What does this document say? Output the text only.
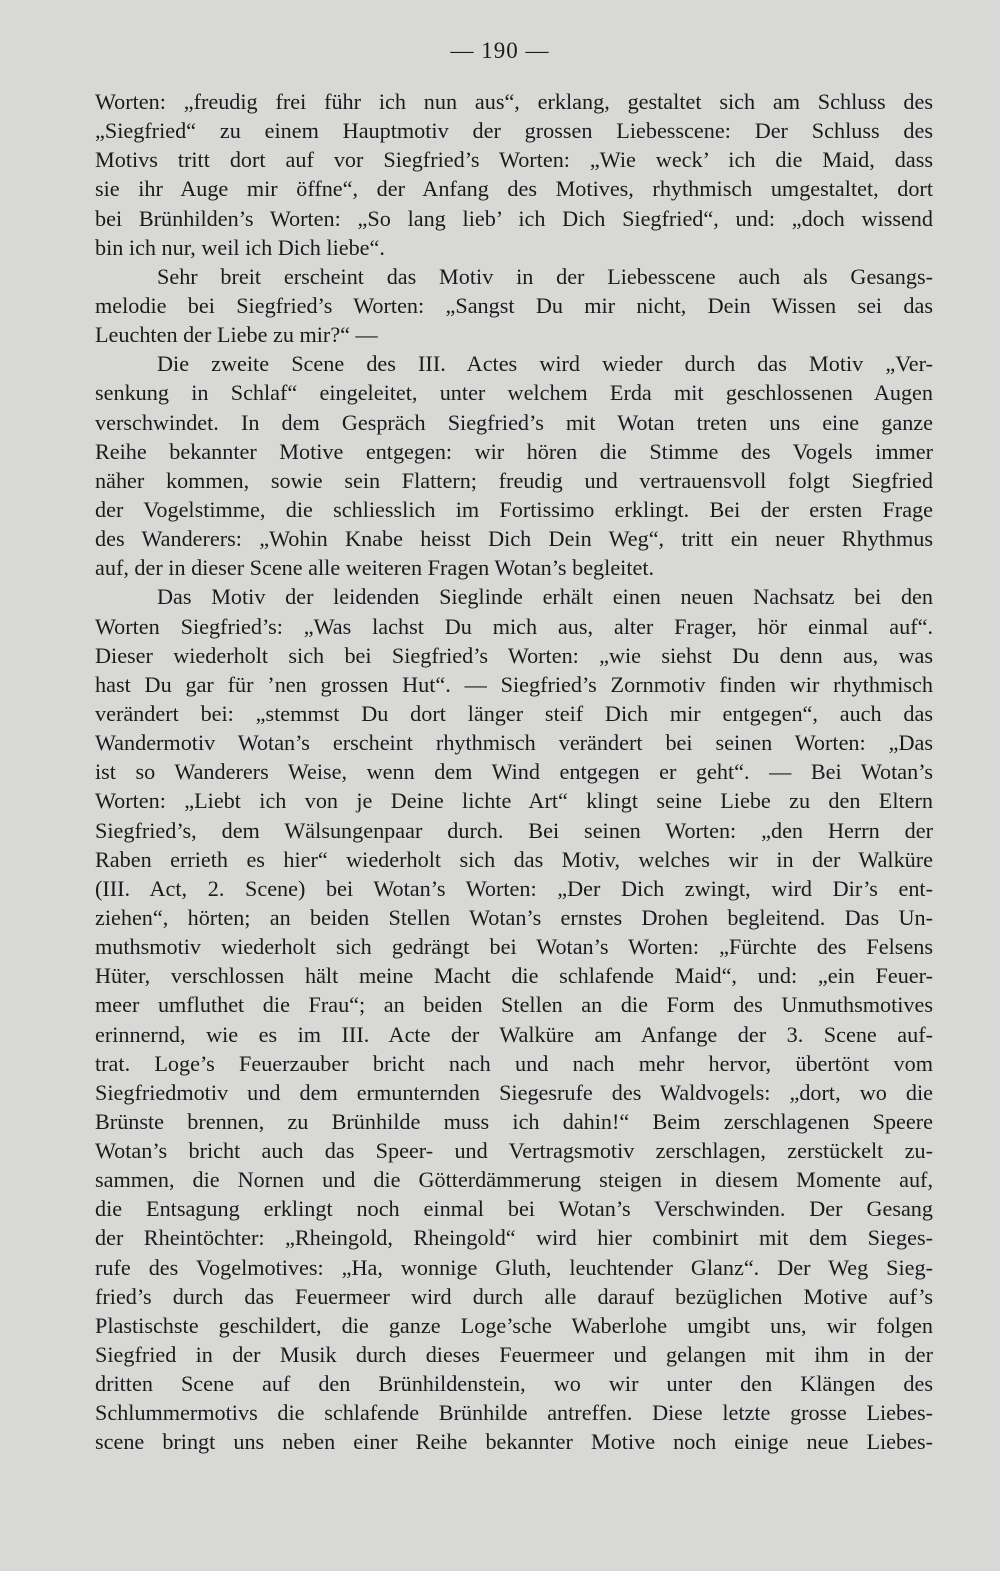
— 190 —
Worten: „freudig frei führ ich nun aus“, erklang, gestaltet sich am Schluss des
„Siegfried“ zu einem Hauptmotiv der grossen Liebesscene: Der Schluss des
Motivs tritt dort auf vor Siegfried’s Worten: „Wie weck’ ich die Maid, dass
sie ihr Auge mir öffne“, der Anfang des Motives, rhythmisch umgestaltet, dort
bei Brünhilden’s Worten: „So lang lieb’ ich Dich Siegfried“, und: „doch wissend
bin ich nur, weil ich Dich liebe“.
Sehr breit erscheint das Motiv in der Liebesscene auch als Gesangs-
melodie bei Siegfried’s Worten: „Sangst Du mir nicht, Dein Wissen sei das
Leuchten der Liebe zu mir?“ —
Die zweite Scene des III. Actes wird wieder durch das Motiv „Ver-
senkung in Schlaf“ eingeleitet, unter welchem Erda mit geschlossenen Augen
verschwindet. In dem Gespräch Siegfried’s mit Wotan treten uns eine ganze
Reihe bekannter Motive entgegen: wir hören die Stimme des Vogels immer
näher kommen, sowie sein Flattern; freudig und vertrauensvoll folgt Siegfried
der Vogelstimme, die schliesslich im Fortissimo erklingt. Bei der ersten Frage
des Wanderers: „Wohin Knabe heisst Dich Dein Weg“, tritt ein neuer Rhythmus
auf, der in dieser Scene alle weiteren Fragen Wotan’s begleitet.
Das Motiv der leidenden Sieglinde erhält einen neuen Nachsatz bei den
Worten Siegfried’s: „Was lachst Du mich aus, alter Frager, hör einmal auf“.
Dieser wiederholt sich bei Siegfried’s Worten: „wie siehst Du denn aus, was
hast Du gar für ’nen grossen Hut“. — Siegfried’s Zornmotiv finden wir rhythmisch
verändert bei: „stemmst Du dort länger steif Dich mir entgegen“, auch das
Wandermotiv Wotan’s erscheint rhythmisch verändert bei seinen Worten: „Das
ist so Wanderers Weise, wenn dem Wind entgegen er geht“. — Bei Wotan’s
Worten: „Liebt ich von je Deine lichte Art“ klingt seine Liebe zu den Eltern
Siegfried’s, dem Wälsungenpaar durch. Bei seinen Worten: „den Herrn der
Raben errieth es hier“ wiederholt sich das Motiv, welches wir in der Walküre
(III. Act, 2. Scene) bei Wotan’s Worten: „Der Dich zwingt, wird Dir’s ent-
ziehen“, hörten; an beiden Stellen Wotan’s ernstes Drohen begleitend. Das Un-
muthsmotiv wiederholt sich gedrängt bei Wotan’s Worten: „Fürchte des Felsens
Hüter, verschlossen hält meine Macht die schlafende Maid“, und: „ein Feuer-
meer umfluthet die Frau“; an beiden Stellen an die Form des Unmuthsmotives
erinnernd, wie es im III. Acte der Walküre am Anfange der 3. Scene auf-
trat. Loge’s Feuerzauber bricht nach und nach mehr hervor, übertönt vom
Siegfriedmotiv und dem ermunternden Siegesrufe des Waldvogels: „dort, wo die
Brünste brennen, zu Brünhilde muss ich dahin!“ Beim zerschlagenen Speere
Wotan’s bricht auch das Speer- und Vertragsmotiv zerschlagen, zerstückelt zu-
sammen, die Nornen und die Götterdämmerung steigen in diesem Momente auf,
die Entsagung erklingt noch einmal bei Wotan’s Verschwinden. Der Gesang
der Rheintöchter: „Rheingold, Rheingold“ wird hier combinirt mit dem Sieges-
rufe des Vogelmotives: „Ha, wonnige Gluth, leuchtender Glanz“. Der Weg Sieg-
fried’s durch das Feuermeer wird durch alle darauf bezüglichen Motive auf’s
Plastischste geschildert, die ganze Loge’sche Waberlohe umgibt uns, wir folgen
Siegfried in der Musik durch dieses Feuermeer und gelangen mit ihm in der
dritten Scene auf den Brünhildenstein, wo wir unter den Klängen des
Schlummermotivs die schlafende Brünhilde antreffen. Diese letzte grosse Liebes-
scene bringt uns neben einer Reihe bekannter Motive noch einige neue Liebes-
